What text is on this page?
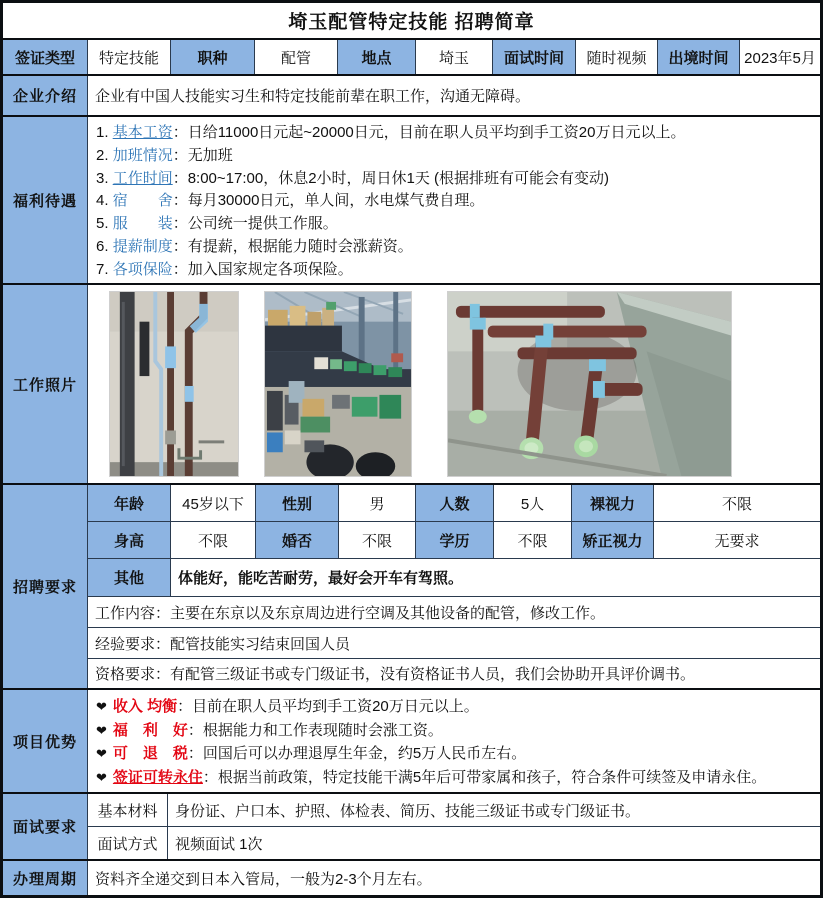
埼玉配管特定技能 招聘简章
签证类型	特定技能	职种	配管	地点	埼玉	面试时间	随时视频	出境时间	2023年5月
企业介绍	企业有中国人技能实习生和特定技能前辈在职工作，沟通无障碍。
福利待遇
1. 基本工资：日给11000日元起~20000日元，目前在职人员平均到手工资20万日元以上。
2. 加班情况：无加班
3. 工作时间：8:00~17:00，休息2小时，周日休1天 (根据排班有可能会有变动)
4. 宿　　舍：每月30000日元，单人间，水电煤气费自理。
5. 服　　装：公司统一提供工作服。
6. 提薪制度：有提薪，根据能力随时会涨薪资。
7. 各项保险：加入国家规定各项保险。
工作照片
招聘要求
年龄	45岁以下	性别	男	人数	5人	裸视力	不限
身高	不限	婚否	不限	学历	不限	矫正视力	无要求
其他	体能好，能吃苦耐劳，最好会开车有驾照。
工作内容：主要在东京以及东京周边进行空调及其他设备的配管，修改工作。
经验要求：配管技能实习结束回国人员
资格要求：有配管三级证书或专门级证书，没有资格证书人员，我们会协助开具评价调书。
项目优势
❤ 收入 均衡：目前在职人员平均到手工资20万日元以上。
❤ 福　利　好：根据能力和工作表现随时会涨工资。
❤ 可　退　税：回国后可以办理退厚生年金，约5万人民币左右。
❤ 签证可转永住：根据当前政策，特定技能干满5年后可带家属和孩子，符合条件可续签及申请永住。
面试要求
基本材料	身份证、户口本、护照、体检表、简历、技能三级证书或专门级证书。
面试方式	视频面试 1次
办理周期	资料齐全递交到日本入管局，一般为2-3个月左右。
